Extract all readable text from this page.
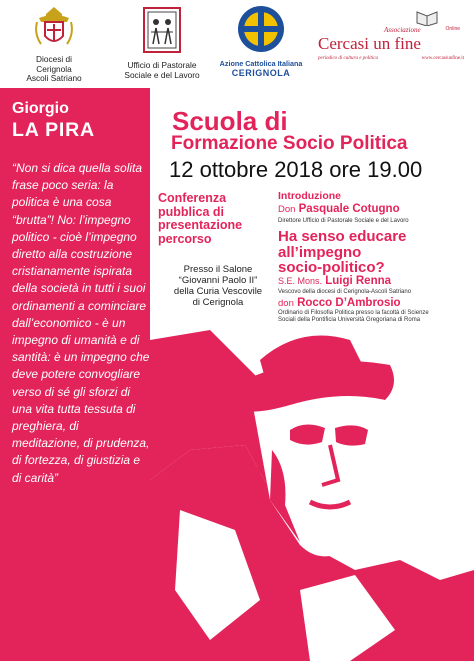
Diocesi di
Cerignola
Ascoli Satriano
Ufficio di Pastorale
Sociale e del Lavoro
Azione Cattolica Italiana
CERIGNOLA
Associazione	Online
Cercasi un fine
periodico di cultura e politica	www.cercasiunfine.it
Giorgio
LA PIRA
“Non si dica quella solita frase poco seria: la politica è una cosa “brutta”! No: l’impegno politico - cioè l’impegno diretto alla costruzione cristianamente ispirata della società in tutti i suoi ordinamenti a cominciare dall’economico - è un impegno di umanità e di santità: è un impegno che deve potere convogliare verso di sé gli sforzi di una vita tutta tessuta di preghiera, di meditazione, di prudenza, di fortezza, di giustizia e di carità”
Scuola di
Formazione Socio Politica
12 ottobre 2018 ore 19.00
Conferenza
pubblica di
presentazione
percorso
Presso il Salone
“Giovanni Paolo II”
della Curia Vescovile
di Cerignola
Introduzione
Don Pasquale Cotugno
Direttore Ufficio di Pastorale Sociale e del Lavoro
Ha senso educare
all’impegno
socio-politico?
S.E. Mons. Luigi Renna
Vescovo della diocesi di Cerignola-Ascoli Satriano
don Rocco D’Ambrosio
Ordinario di Filosofia Politica presso la facoltà di Scienze
Sociali della Pontificia Università Gregoriana di Roma
